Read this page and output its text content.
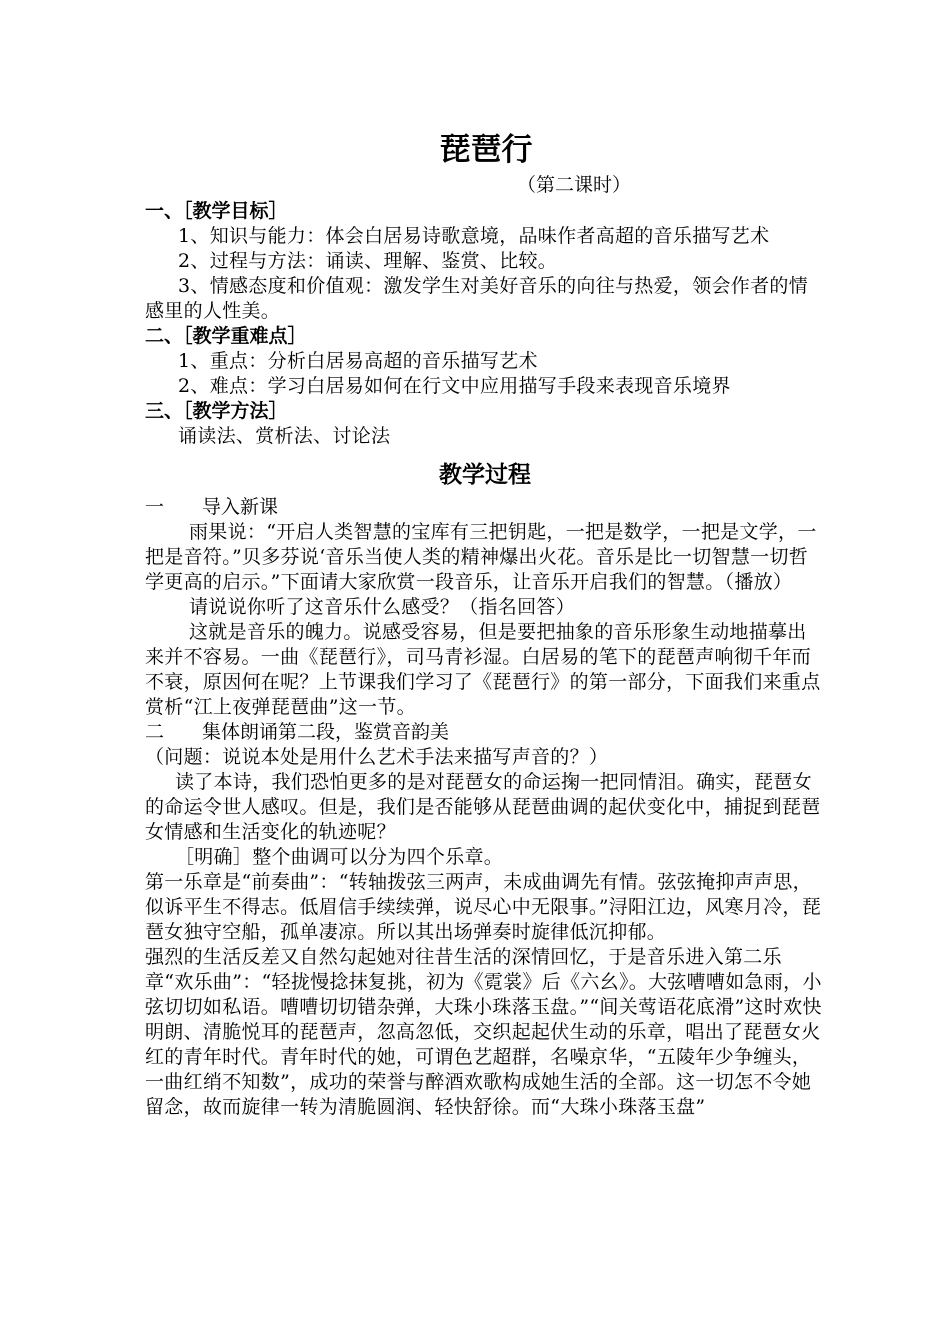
琵琶行
（第二课时）
一、［教学目标］
1、知识与能力：体会白居易诗歌意境，品味作者高超的音乐描写艺术
2、过程与方法：诵读、理解、鉴赏、比较。
3、情感态度和价值观：激发学生对美好音乐的向往与热爱，领会作者的情感里的人性美。
二、［教学重难点］
1、重点：分析白居易高超的音乐描写艺术
2、难点：学习白居易如何在行文中应用描写手段来表现音乐境界
三、［教学方法］
诵读法、赏析法、讨论法
教学过程
一 导入新课
雨果说：“开启人类智慧的宝库有三把钥匙，一把是数学，一把是文学，一把是音符。”贝多芬说‘音乐当使人类的精神爆出火花。音乐是比一切智慧一切哲学更高的启示。”下面请大家欣赏一段音乐，让音乐开启我们的智慧。（播放）
请说说你听了这音乐什么感受？（指名回答）
这就是音乐的魄力。说感受容易，但是要把抽象的音乐形象生动地描摹出来并不容易。一曲《琵琶行》，司马青衫湿。白居易的笔下的琵琶声响彻千年而不衰，原因何在呢？上节课我们学习了《琵琶行》的第一部分，下面我们来重点赏析“江上夜弹琵琶曲”这一节。
二 集体朗诵第二段，鉴赏音韵美
（问题：说说本处是用什么艺术手法来描写声音的？）
读了本诗，我们恐怕更多的是对琵琶女的命运掬一把同情泪。确实，琵琶女的命运令世人感叹。但是，我们是否能够从琵琶曲调的起伏变化中，捕捉到琵琶女情感和生活变化的轨迹呢？
［明确］整个曲调可以分为四个乐章。
第一乐章是“前奏曲”：“转轴拨弦三两声，未成曲调先有情。弦弦掩抑声声思，似诉平生不得志。低眉信手续续弹，说尽心中无限事。”浔阳江边，风寒月冷，琵琶女独守空船，孤单凄凉。所以其出场弹奏时旋律低沉抑郁。
强烈的生活反差又自然勾起她对往昔生活的深情回忆，于是音乐进入第二乐章“欢乐曲”：“轻拢慢捻抹复挑，初为《霓裳》后《六幺》。大弦嘈嘈如急雨，小弦切切如私语。嘈嘈切切错杂弹，大珠小珠落玉盘。”“间关莺语花底滑”这时欢快明朗、清脆悦耳的琵琶声，忽高忽低，交织起起伏生动的乐章，唱出了琵琶女火红的青年时代。青年时代的她，可谓色艺超群，名噪京华，“五陵年少争缠头，一曲红绡不知数”，成功的荣誉与醉酒欢歌构成她生活的全部。这一切怎不令她留念，故而旋律一转为清脆圆润、轻快舒徐。而“大珠小珠落玉盘”
